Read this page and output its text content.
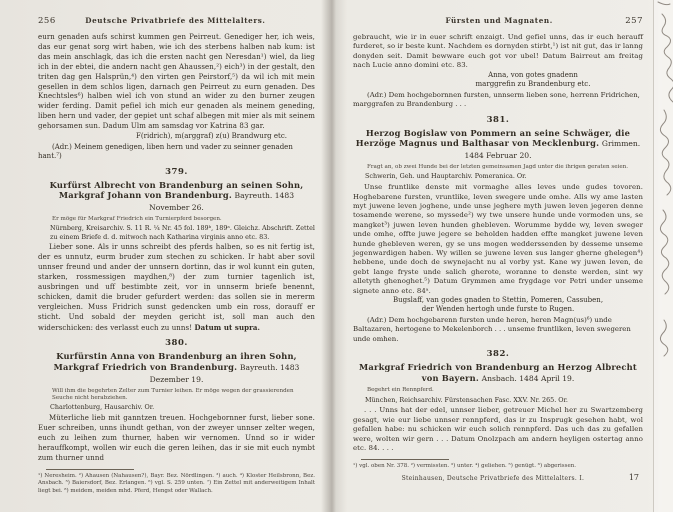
256	Deutsche Privatbriefe des Mittelalters.

eurn genaden aufs schirst kummen gen Peirreut. Genediger her, ich weis, das eur genat sorg wirt haben, wie ich des sterbens halben nab kum: ist das mein anschlagk, das ich die ersten nacht gen Neresdan¹) wiel, da lieg ich in der ebtei, die andern nacht gen Ahaussen,²) eich³) in der gestalt, den triten dag gen Halsprün,⁴) den virten gen Peirstorf,⁵) da wil ich mit mein gesellen in dem schlos ligen, darnach gen Peirreut zu eurn genaden. Des Knechtsles⁶) halben wiel ich von stund an wider zu den burner zeugen wider ferding. Damit pefiel ich mich eur genaden als meinem geneding, liben hern und vader, der gepiet unt schaf albegen mit mier als mit seinem gehorsamen sun. Dadum Ulm am samsdag vor Katrina 83 gar.

F(ridrich), m(arggraf) z(u) Brandwurg etc.

(Adr.) Meinem genedigen, liben hern und vader zu seinner genaden hant.⁷)

379.
Kurfürst Albrecht von Brandenburg an seinen Sohn, Markgraf Johann von Brandenburg. Bayreuth. 1483 November 26.
Er möge für Markgraf Friedrich ein Turnierpferd besorgen.
Nürnberg, Kreisarchiv. S. 11 R. ¼ Nr. 45 fol. 189ᵇ, 189ᵃ. Gleichz. Abschrift. Zettel zu einem Briefe d. d. mitwoch nach Katharina virginis anno etc. 83.

Lieber sone. Als ir unns schreibt des pferds halben, so es nit fertig ist, der es unnutz, eurm bruder zum stechen zu schicken. Ir habt aber sovil unnser freund und ander der unnsern dortinn, das ir wol kunnt ein guten, starken, rossmessigen maydhen,⁸) der zum turnier tagenlich ist, ausbringen und uff bestimbte zeit, vor in unnserm briefe benennt, schicken, damit die bruder gefurdert werden: das sollen sie in mererm vergleichen. Muss Fridrich sunst gedencken umb ein ross, dorauff er sticht. Und sobald der meyden gericht ist, soll man auch den widerschicken: des verlasst euch zu unns! Datum ut supra.

380.
Kurfürstin Anna von Brandenburg an ihren Sohn, Markgraf Friedrich von Brandenburg. Bayreuth. 1483 Dezember 19.
Will ihm die begehrten Zelter zum Turnier leihen. Er möge wegen der grassierenden Seuche nicht herabziehen.
Charlottenburg, Hausarchiv. Or.

Müterliche lieb mit ganntzen treuen. Hochgebornner furst, lieber sone. Euer schreiben, unns ihundt gethan, von der zweyer unnser zelter wegen, euch zu leihen zum thurner, haben wir vernomen. Unnd so ir wider herauffkompt, wollen wir euch die geren leihen, das ir sie mit euch nymbt zum thurner unnd

¹) Neresheim. ²) Ahausen (Nahausen?), Bayr. Bez. Nördlingen. ³) auch. ⁴) Kloster Heilsbronn, Bez. Ansbach. ⁵) Baiersdorf, Bez. Erlangen. ⁶) vgl. S. 259 unten. ⁷) Ein Zettel mit anderweitigem Inhalt liegt bei. ⁸) meidem, meiden mhd. Pferd, Hengst oder Wallach.

Fürsten und Magnaten.	257

gebraucht, wie ir in euer schrift enzaigt. Und gefiel unns, das ir euch herauff furderet, so ir beste kunt. Nachdem es dornyden stirbt,¹) ist nit gut, das ir lanng donyden seit. Damit bewware euch got vor ubel! Datum Bairreut am freitag nach Lucie anno domini etc. 83.

Anna, von gotes gnadenn

marggrefin zu Brandenburg etc.

(Adr.) Dem hochgebornnen fursten, unnserm lieben sone, herrenn Fridrichen, marggrafen zu Brandenburg . . .

381.
Herzog Bogislaw von Pommern an seine Schwäger, die Herzöge Magnus und Balthasar von Mecklenburg. Grimmen. 1484 Februar 20.
Fragt an, ob zwei Hunde bei der letzten gemeinsamen Jagd unter die ihrigen geraten seien.
Schwerin, Geh. und Hauptarchiv. Pomeranica. Or.

Unse fruntlike denste mit vormaghe alles leves unde gudes tovoren. Hoghebarene fursten, vruntlike, leven swegere unde omhe. Alls wy ame lasten myt juwene leven joghene, unde unse jeghere myth juwen leven jegeren denne tosamende werene, so myssede²) wy twe unsere hunde unde vormoden uns, se mangket³) juwen leven hunden ghebleven. Worumme bydde wy, leven sweger unde omhe, offte juwe jegere se beholden hadden effte mangket juwene leven hunde ghebleven weren, gy se uns mogen wedderssenden by desseme unseme jegenwardigen haben. Wy willen se juwene leven sus langer gherne ghelegen⁴) hebbene, unde doch de swynejacht nu al vorby yst. Kane wy juwen leven, de gebt lange fryste unde salich gherote, woranne to denste werden, sint wy alletyth ghenoghet.⁵) Datum Grymmen ame frygdage vor Petri under unseme signete anno etc. 84ᵃ.

Bugslaff, van godes gnaden to Stettin, Pomeren, Cassuben,

der Wenden hertogh unde furste to Rugen.

(Adr.) Dem hochgebarenn fursten unde heren, heren Magn(us)⁶) unde Baltazaren, hertogene to Mekelenborch . . . unseme fruntliken, leven swegeren unde omhen.

382.
Markgraf Friedrich von Brandenburg an Herzog Albrecht von Bayern. Ansbach. 1484 April 19.
Begehrt ein Rennpferd.
München, Reichsarchiv. Fürstensachen Fasc. XXV. Nr. 265. Or.

. . . Unns hat der edel, unnser lieber, getreuer Michel her zu Swartzemberg gesagt, wie eur liebe unnser rennpferd, das ir zu Insprugk gesehen habt, wol gefallen habe: nu schicken wir euch solich rennpferd. Das uch das zu gefallen were, wolten wir gern . . . Datum Onolzpach am andern heyligen ostertag anno etc. 84. . . .

¹) vgl. oben Nr. 378. ²) vermissten. ³) unter. ⁴) geliehen. ⁵) genügt. ⁶) abgerissen.

Steinhausen, Deutsche Privatbriefe des Mittelalters. I.	17
